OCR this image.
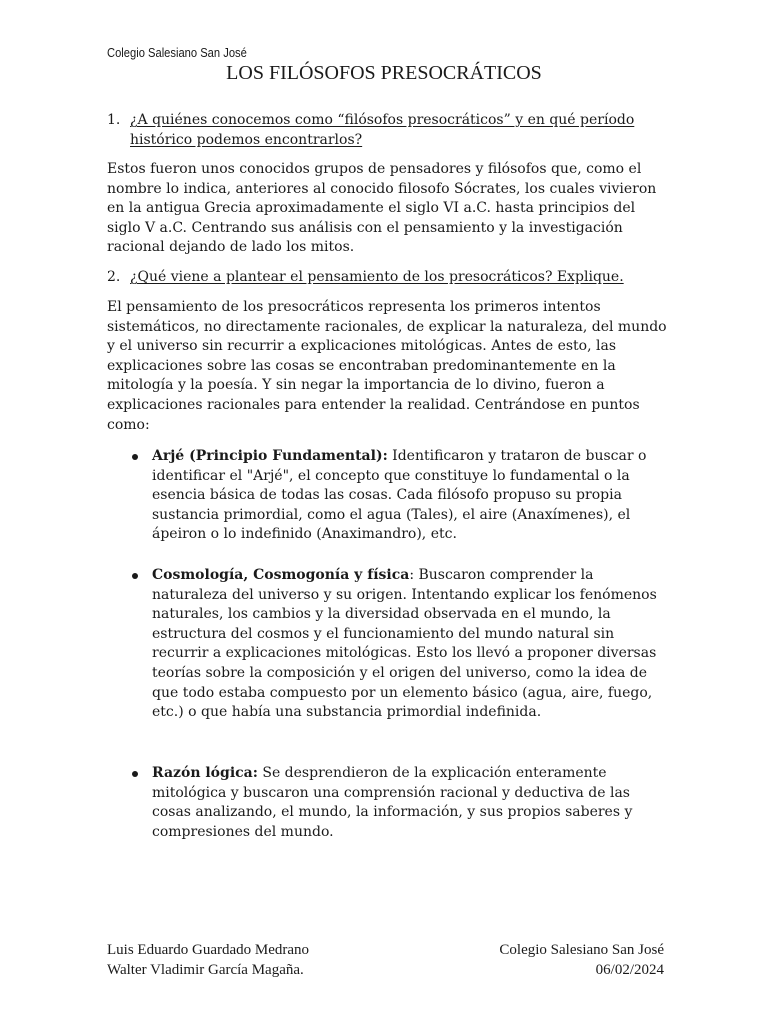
Colegio Salesiano San José
LOS FILÓSOFOS PRESOCRÁTICOS
1. ¿A quiénes conocemos como “filósofos presocráticos” y en qué período histórico podemos encontrarlos?
Estos fueron unos conocidos grupos de pensadores y filósofos que, como el nombre lo indica, anteriores al conocido filosofo Sócrates, los cuales vivieron en la antigua Grecia aproximadamente el siglo VI a.C. hasta principios del siglo V a.C. Centrando sus análisis con el pensamiento y la investigación racional dejando de lado los mitos.
2. ¿Qué viene a plantear el pensamiento de los presocráticos? Explique.
El pensamiento de los presocráticos representa los primeros intentos sistemáticos, no directamente racionales, de explicar la naturaleza, del mundo y el universo sin recurrir a explicaciones mitológicas. Antes de esto, las explicaciones sobre las cosas se encontraban predominantemente en la mitología y la poesía. Y sin negar la importancia de lo divino, fueron a explicaciones racionales para entender la realidad. Centrándose en puntos como:
Arjé (Principio Fundamental): Identificaron y trataron de buscar o identificar el "Arjé", el concepto que constituye lo fundamental o la esencia básica de todas las cosas. Cada filósofo propuso su propia sustancia primordial, como el agua (Tales), el aire (Anaxímenes), el ápeiron o lo indefinido (Anaximandro), etc.
Cosmología, Cosmogonía y física: Buscaron comprender la naturaleza del universo y su origen. Intentando explicar los fenómenos naturales, los cambios y la diversidad observada en el mundo, la estructura del cosmos y el funcionamiento del mundo natural sin recurrir a explicaciones mitológicas. Esto los llevó a proponer diversas teorías sobre la composición y el origen del universo, como la idea de que todo estaba compuesto por un elemento básico (agua, aire, fuego, etc.) o que había una substancia primordial indefinida.
Razón lógica: Se desprendieron de la explicación enteramente mitológica y buscaron una comprensión racional y deductiva de las cosas analizando, el mundo, la información, y sus propios saberes y compresiones del mundo.
Luis Eduardo Guardado Medrano
Walter Vladimir García Magaña.
Colegio Salesiano San José
06/02/2024
